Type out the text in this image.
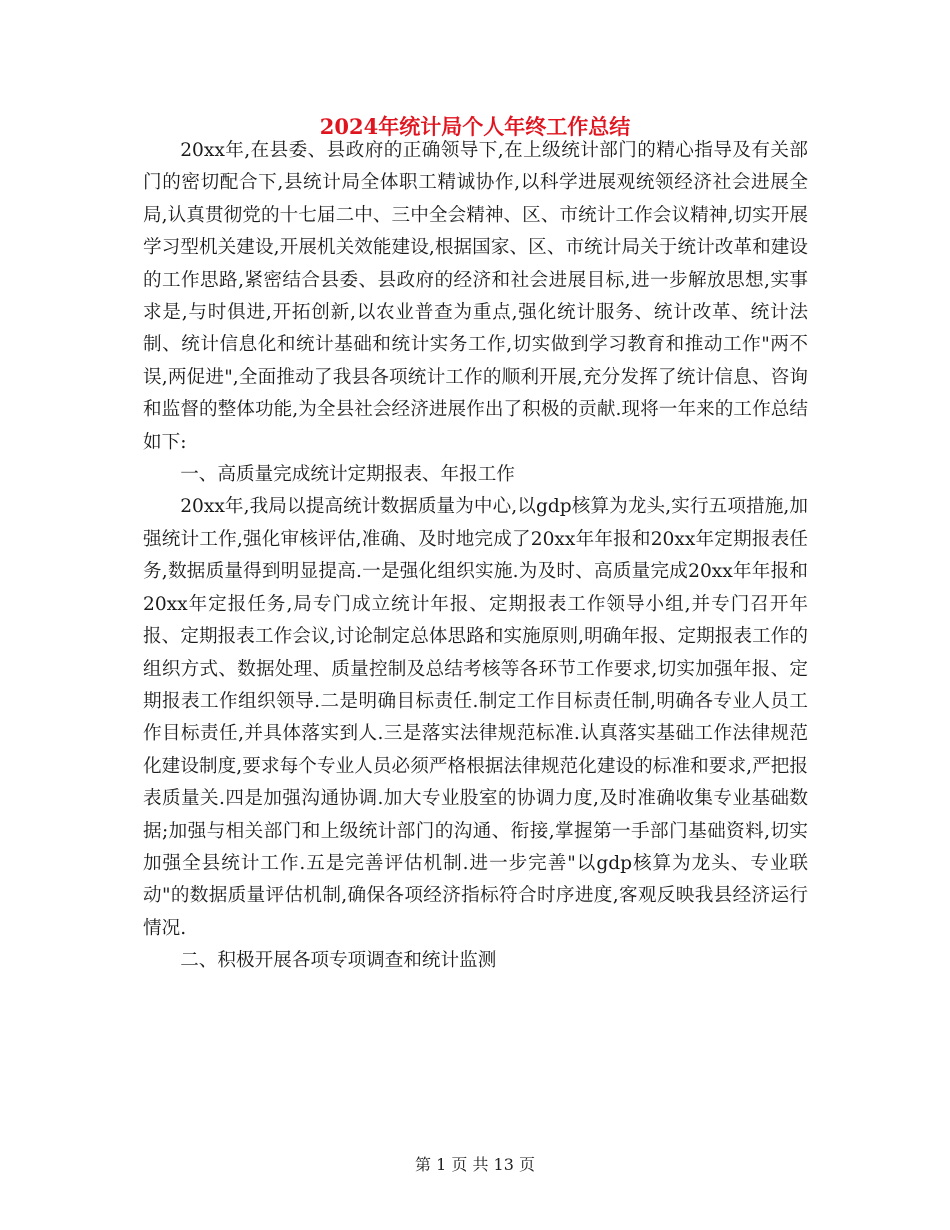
2024年统计局个人年终工作总结

20xx年,在县委、县政府的正确领导下,在上级统计部门的精心指导及有关部门的密切配合下,县统计局全体职工精诚协作,以科学进展观统领经济社会进展全局,认真贯彻党的十七届二中、三中全会精神、区、市统计工作会议精神,切实开展学习型机关建设,开展机关效能建设,根据国家、区、市统计局关于统计改革和建设的工作思路,紧密结合县委、县政府的经济和社会进展目标,进一步解放思想,实事求是,与时俱进,开拓创新,以农业普查为重点,强化统计服务、统计改革、统计法制、统计信息化和统计基础和统计实务工作,切实做到学习教育和推动工作"两不误,两促进",全面推动了我县各项统计工作的顺利开展,充分发挥了统计信息、咨询和监督的整体功能,为全县社会经济进展作出了积极的贡献.现将一年来的工作总结如下:

一、高质量完成统计定期报表、年报工作

20xx年,我局以提高统计数据质量为中心,以gdp核算为龙头,实行五项措施,加强统计工作,强化审核评估,准确、及时地完成了20xx年年报和20xx年定期报表任务,数据质量得到明显提高.一是强化组织实施.为及时、高质量完成20xx年年报和20xx年定报任务,局专门成立统计年报、定期报表工作领导小组,并专门召开年报、定期报表工作会议,讨论制定总体思路和实施原则,明确年报、定期报表工作的组织方式、数据处理、质量控制及总结考核等各环节工作要求,切实加强年报、定期报表工作组织领导.二是明确目标责任.制定工作目标责任制,明确各专业人员工作目标责任,并具体落实到人.三是落实法律规范标准.认真落实基础工作法律规范化建设制度,要求每个专业人员必须严格根据法律规范化建设的标准和要求,严把报表质量关.四是加强沟通协调.加大专业股室的协调力度,及时准确收集专业基础数据;加强与相关部门和上级统计部门的沟通、衔接,掌握第一手部门基础资料,切实加强全县统计工作.五是完善评估机制.进一步完善"以gdp核算为龙头、专业联动"的数据质量评估机制,确保各项经济指标符合时序进度,客观反映我县经济运行情况.

二、积极开展各项专项调查和统计监测

第 1 页 共 13 页
